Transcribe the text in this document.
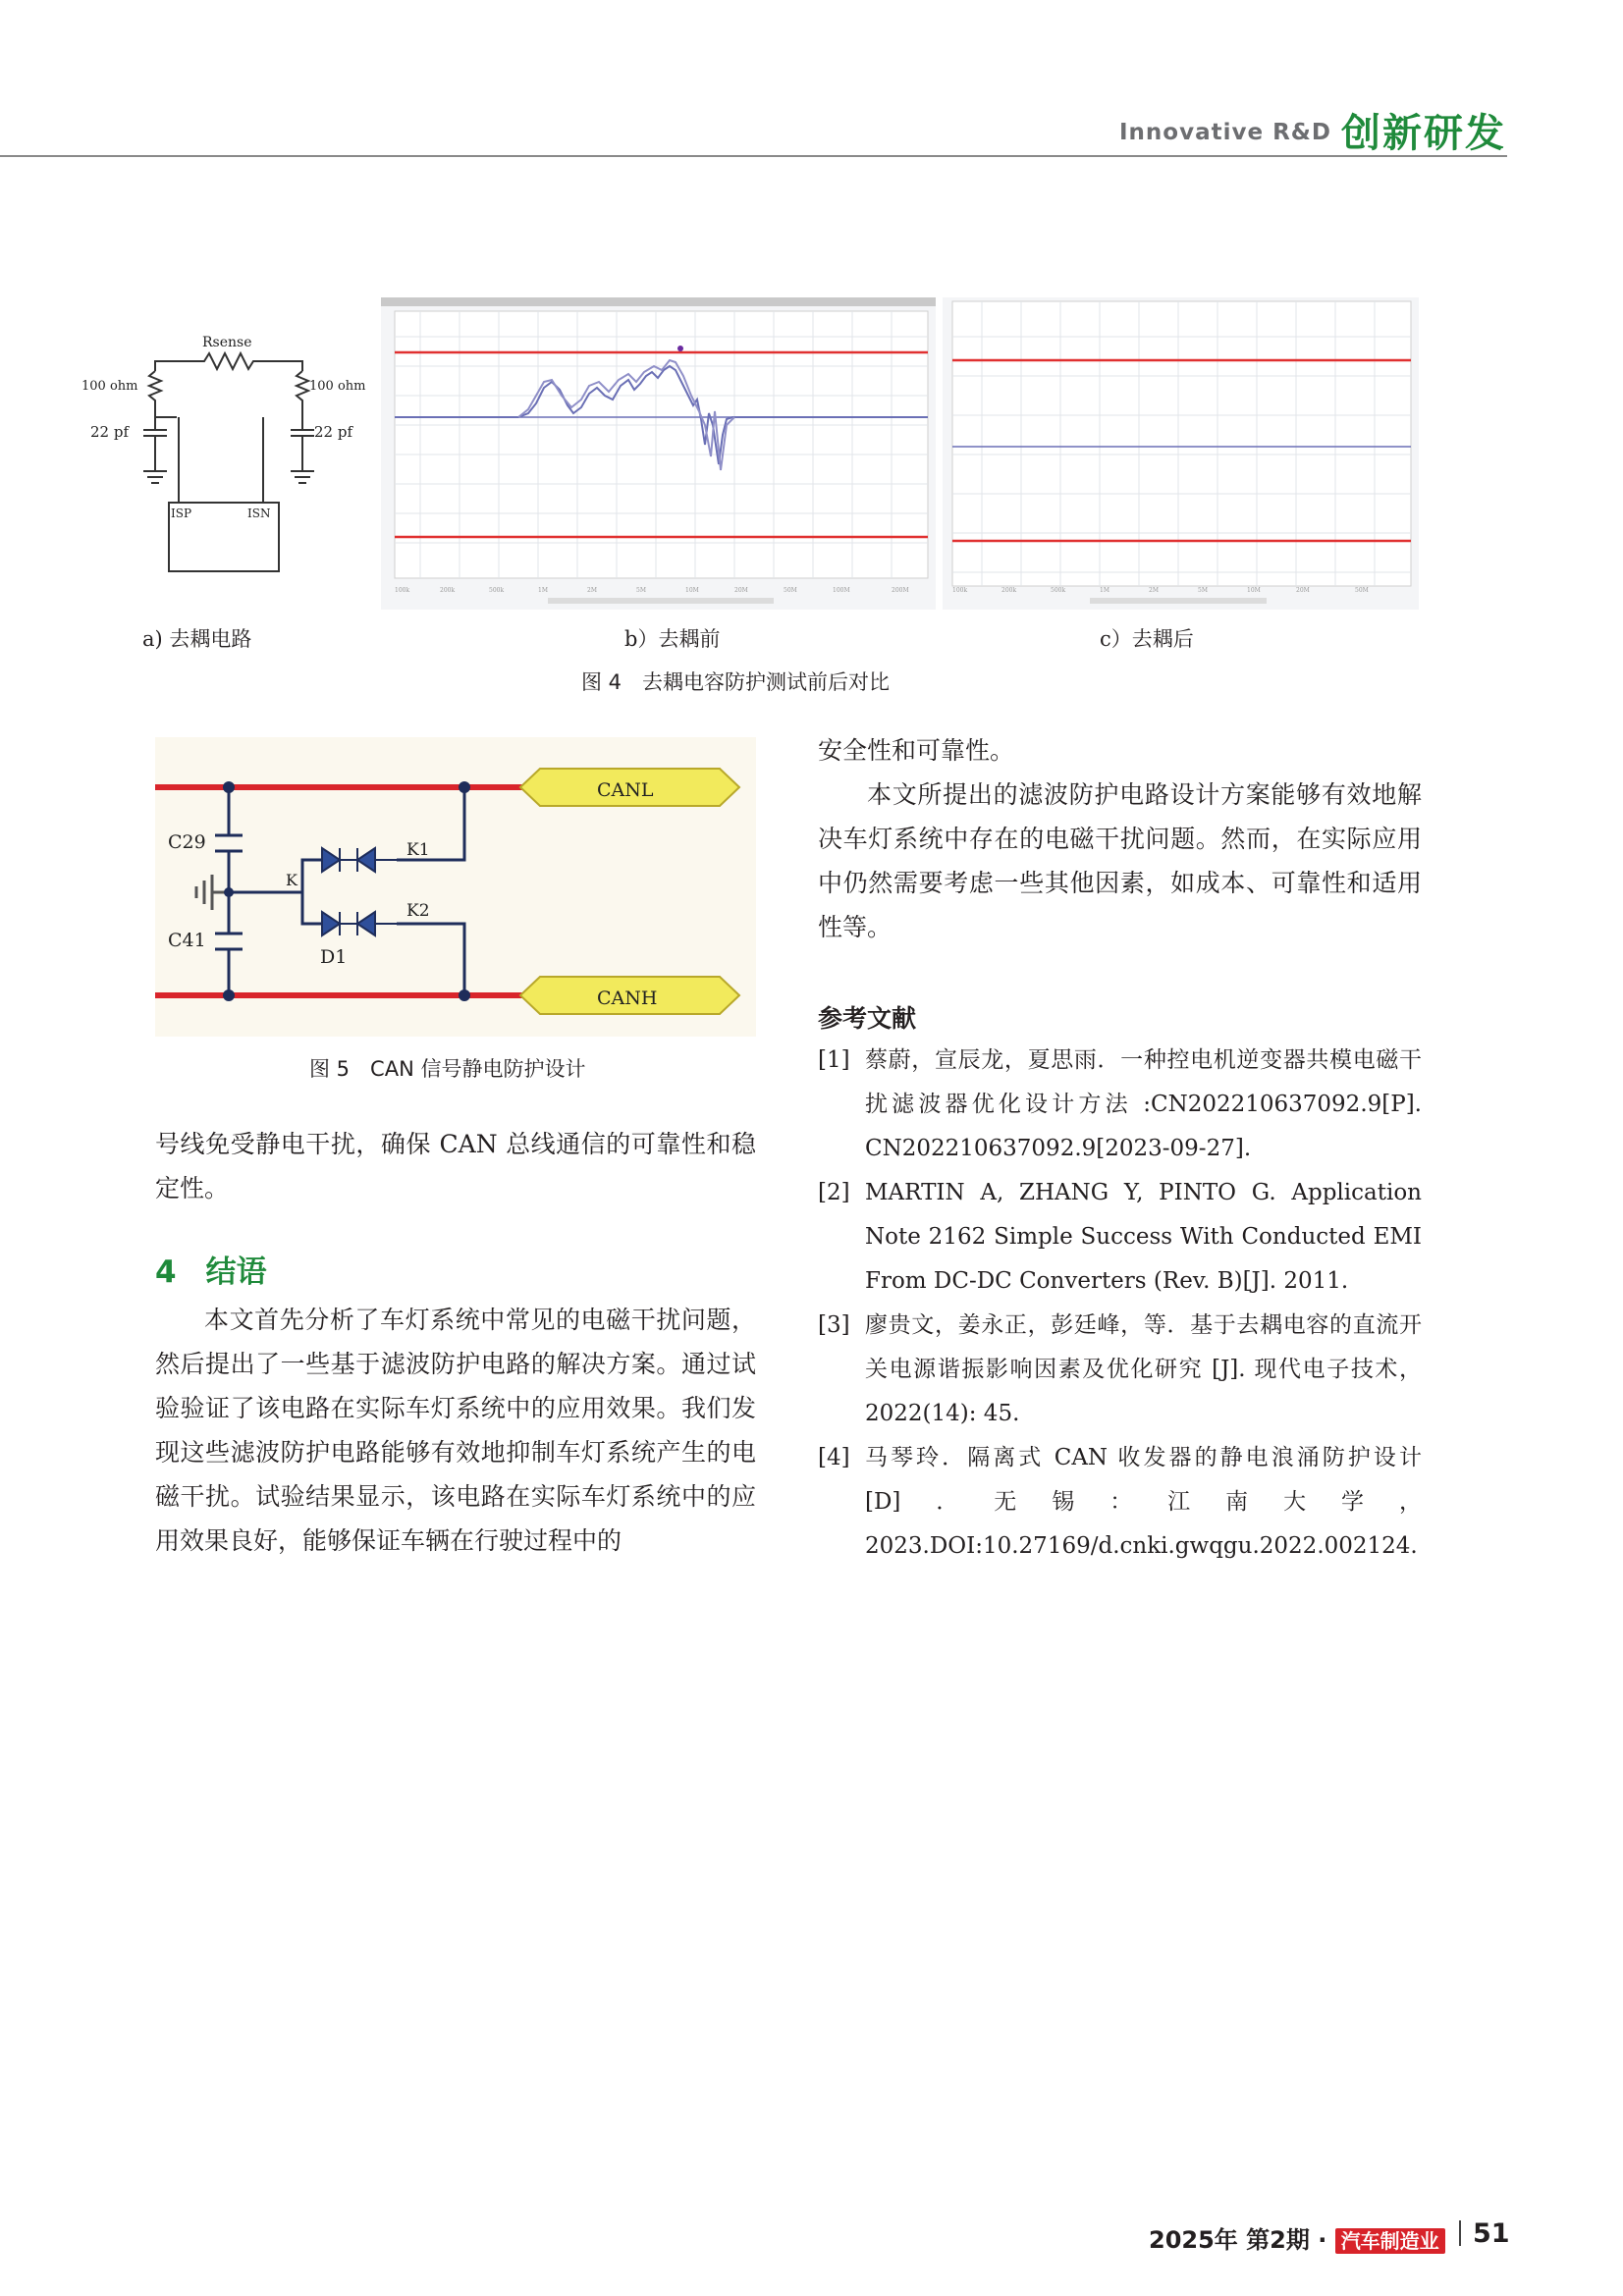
Innovative R&D 创新研发
Rsense
100 ohm	100 ohm
22 pf	22 pf
ISP	ISN
100k	200k	500k	1M	2M	5M	10M	20M	50M	100M	200M	100k	200k	500k	1M	2M	5M	10M	20M	50M
a) 去耦电路	b）去耦前	c）去耦后
图 4　去耦电容防护测试前后对比
CANL
CANH
C29
C41
K
K1
K2
D1
图 5　CAN 信号静电防护设计
号线免受静电干扰，确保 CAN 总线通信的可靠性和稳定性。
4 结语
本文首先分析了车灯系统中常见的电磁干扰问题，然后提出了一些基于滤波防护电路的解决方案。通过试验验证了该电路在实际车灯系统中的应用效果。我们发现这些滤波防护电路能够有效地抑制车灯系统产生的电磁干扰。试验结果显示，该电路在实际车灯系统中的应用效果良好，能够保证车辆在行驶过程中的
安全性和可靠性。
本文所提出的滤波防护电路设计方案能够有效地解决车灯系统中存在的电磁干扰问题。然而，在实际应用中仍然需要考虑一些其他因素，如成本、可靠性和适用性等。
参考文献
[1] 蔡蔚，宣辰龙，夏思雨．一种控电机逆变器共模电磁干扰滤波器优化设计方法 :CN202210637092.9[P]. CN202210637092.9[2023-09-27].
[2] MARTIN A, ZHANG Y, PINTO G. Application Note 2162 Simple Success With Conducted EMI From DC-DC Converters (Rev. B)[J]. 2011.
[3] 廖贵文，姜永正，彭廷峰，等．基于去耦电容的直流开关电源谐振影响因素及优化研究 [J]. 现代电子技术，2022(14): 45.
[4] 马琴玲．隔离式 CAN 收发器的静电浪涌防护设计 [D]．无锡：江南大学，2023.DOI:10.27169/d.cnki.gwqgu.2022.002124.
2025年 第2期 · 汽车制造业 51
